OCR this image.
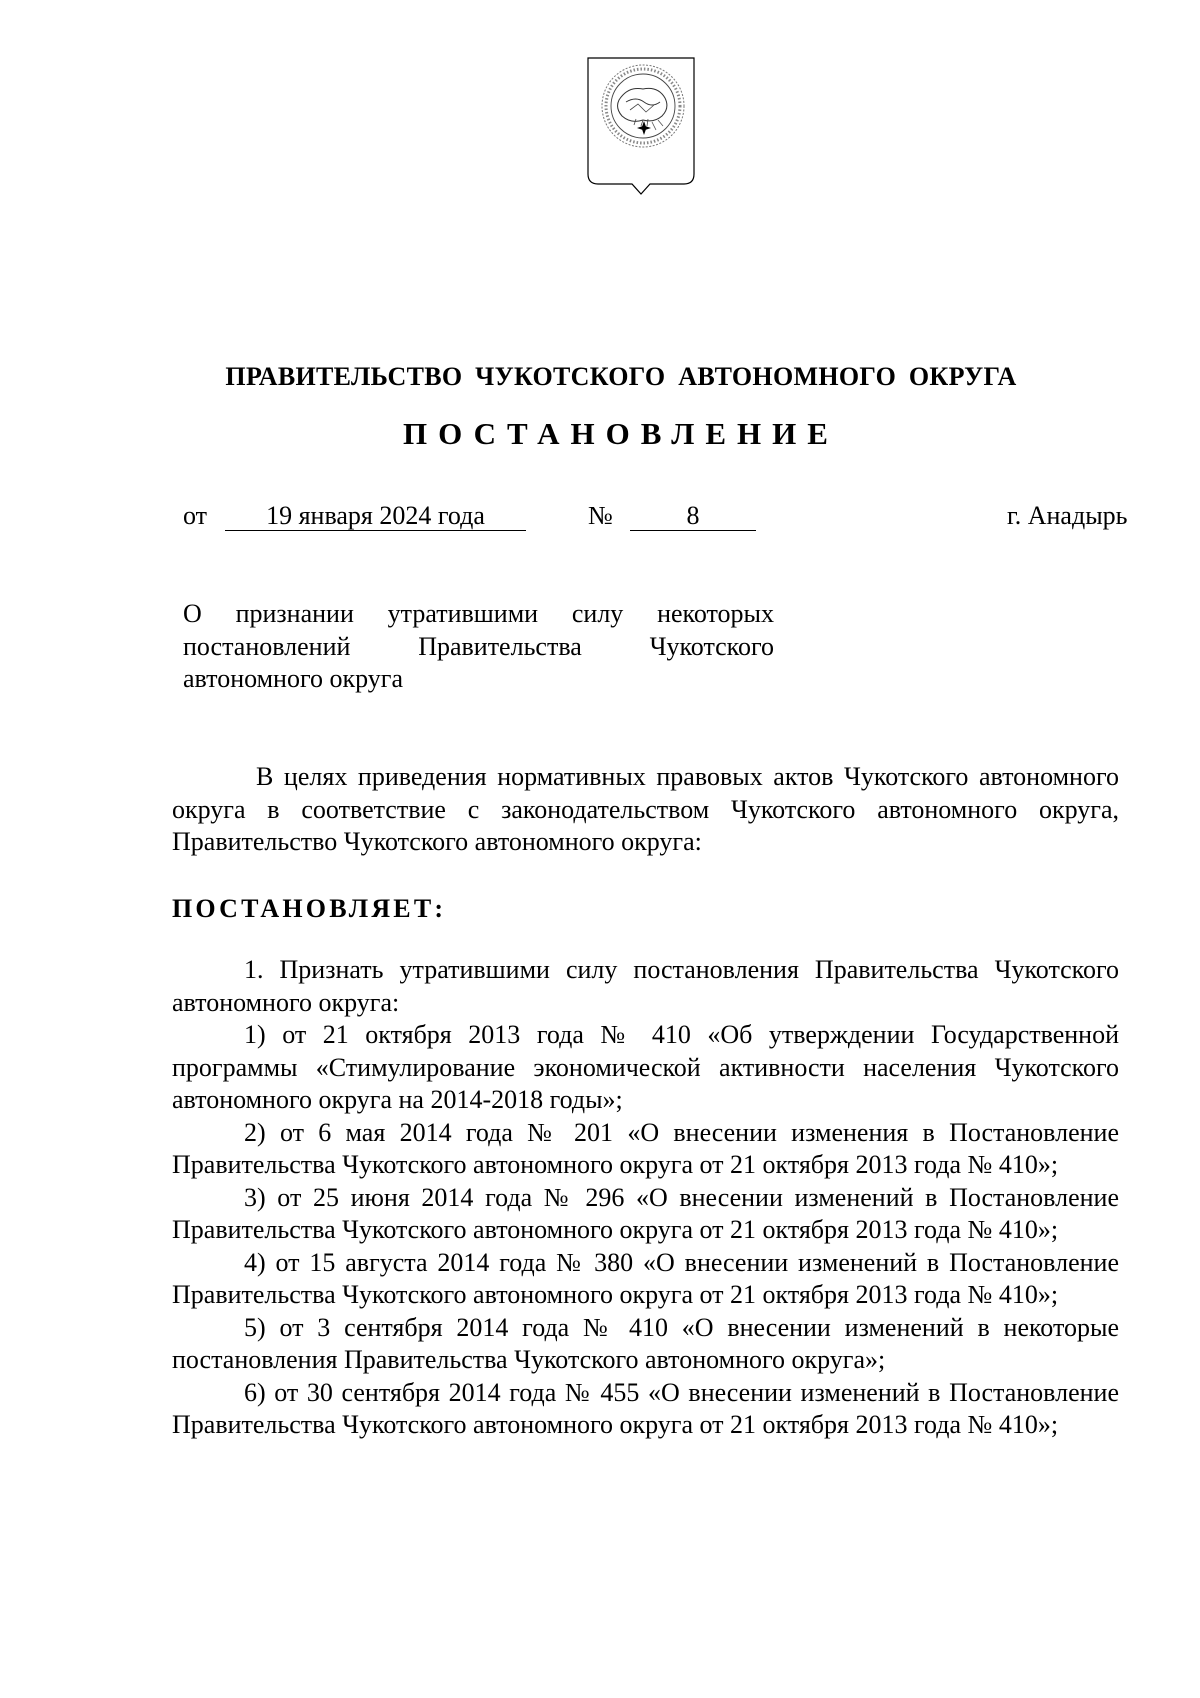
ПРАВИТЕЛЬСТВО ЧУКОТСКОГО АВТОНОМНОГО ОКРУГА
ПОСТАНОВЛЕНИЕ
от	19 января 2024 года	№	8	г. Анадырь
О признании утратившими силу некоторых постановлений Правительства Чукотского автономного округа

В целях приведения нормативных правовых актов Чукотского автономного округа в соответствие с законодательством Чукотского автономного округа, Правительство Чукотского автономного округа:

ПОСТАНОВЛЯЕТ:

1. Признать утратившими силу постановления Правительства Чукотского автономного округа:

1) от 21 октября 2013 года № 410 «Об утверждении Государственной программы «Стимулирование экономической активности населения Чукотского автономного округа на 2014-2018 годы»;

2) от 6 мая 2014 года № 201 «О внесении изменения в Постановление Правительства Чукотского автономного округа от 21 октября 2013 года № 410»;

3) от 25 июня 2014 года № 296 «О внесении изменений в Постановление Правительства Чукотского автономного округа от 21 октября 2013 года № 410»;

4) от 15 августа 2014 года № 380 «О внесении изменений в Постановление Правительства Чукотского автономного округа от 21 октября 2013 года № 410»;

5) от 3 сентября 2014 года № 410 «О внесении изменений в некоторые постановления Правительства Чукотского автономного округа»;

6) от 30 сентября 2014 года № 455 «О внесении изменений в Постановление Правительства Чукотского автономного округа от 21 октября 2013 года № 410»;
